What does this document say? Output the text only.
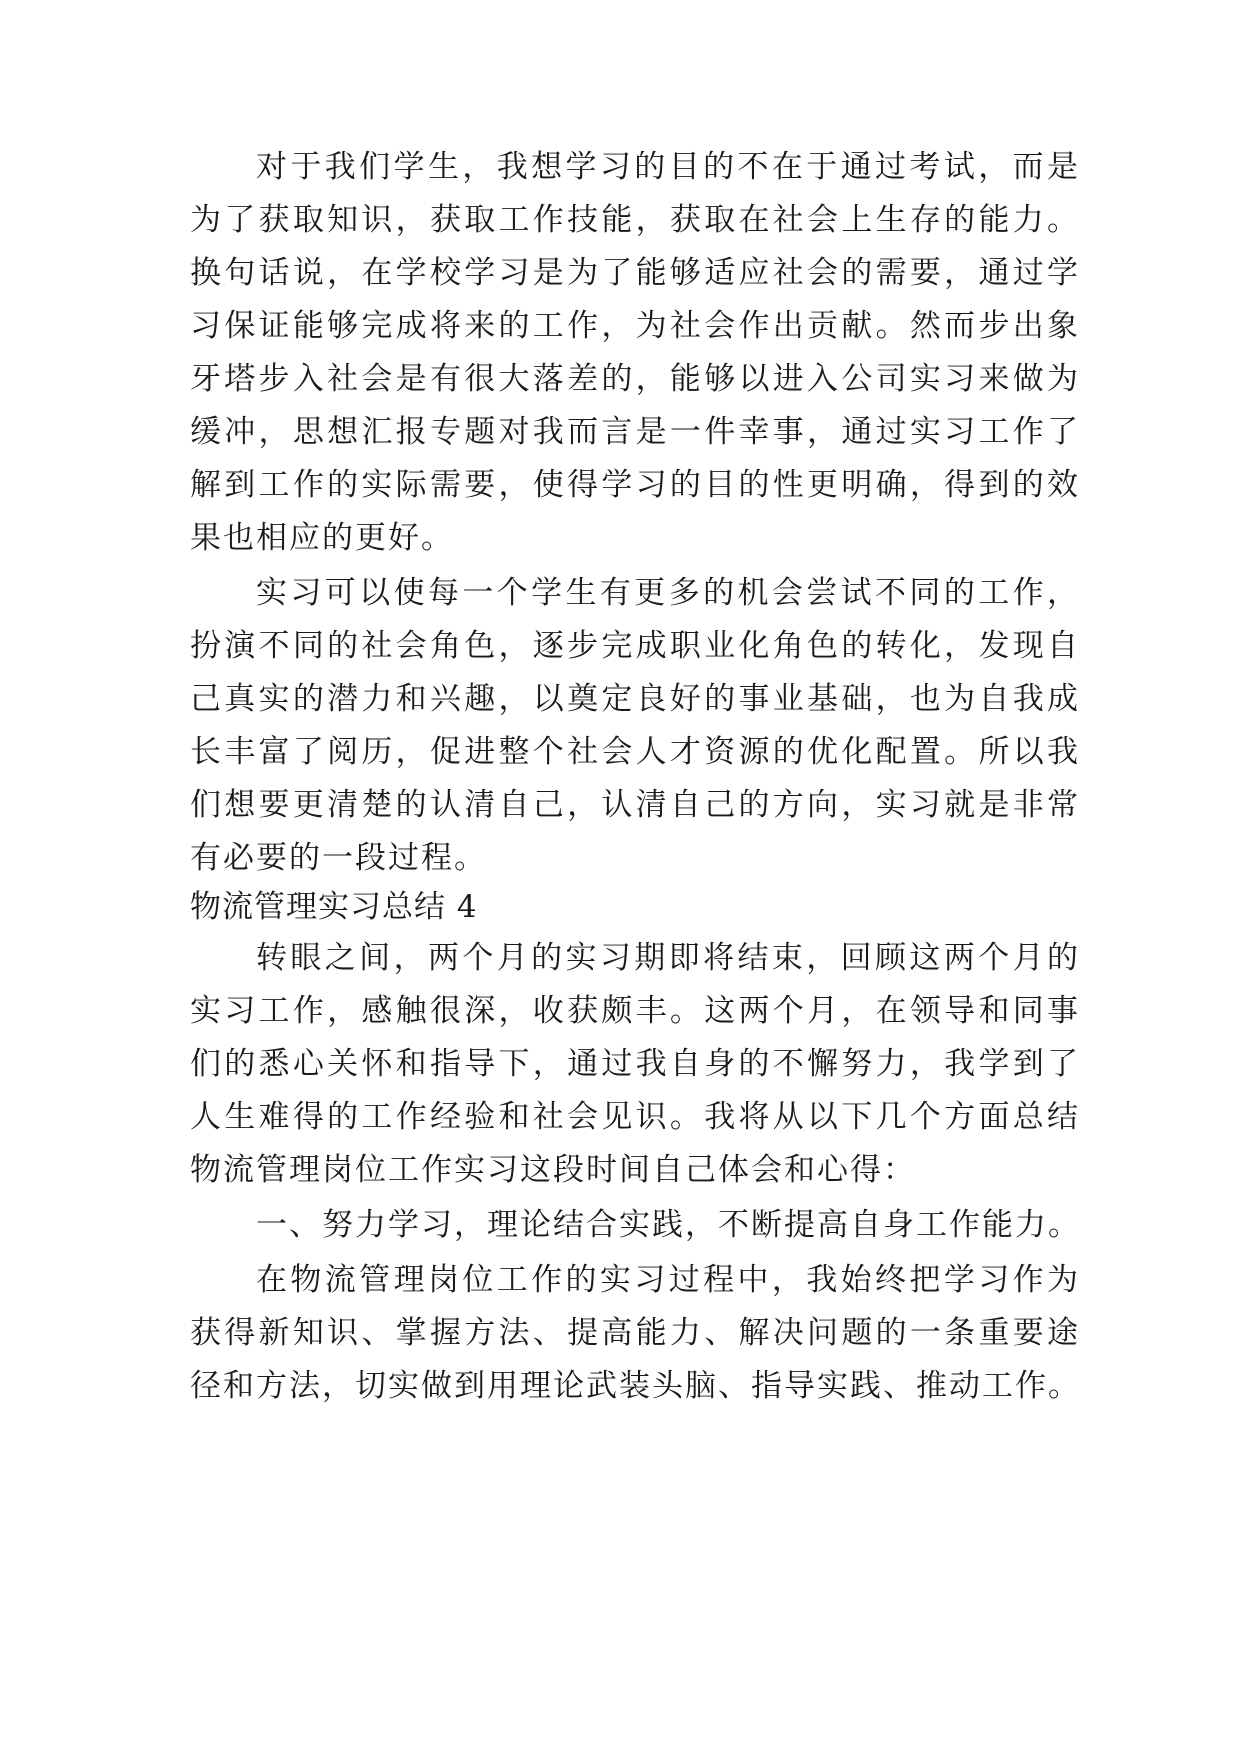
对于我们学生，我想学习的目的不在于通过考试，而是
为了获取知识，获取工作技能，获取在社会上生存的能力。
换句话说，在学校学习是为了能够适应社会的需要，通过学
习保证能够完成将来的工作，为社会作出贡献。然而步出象
牙塔步入社会是有很大落差的，能够以进入公司实习来做为
缓冲，思想汇报专题对我而言是一件幸事，通过实习工作了
解到工作的实际需要，使得学习的目的性更明确，得到的效
果也相应的更好。
实习可以使每一个学生有更多的机会尝试不同的工作，
扮演不同的社会角色，逐步完成职业化角色的转化，发现自
己真实的潜力和兴趣，以奠定良好的事业基础，也为自我成
长丰富了阅历，促进整个社会人才资源的优化配置。所以我
们想要更清楚的认清自己，认清自己的方向，实习就是非常
有必要的一段过程。
物流管理实习总结 4
转眼之间，两个月的实习期即将结束，回顾这两个月的
实习工作，感触很深，收获颇丰。这两个月，在领导和同事
们的悉心关怀和指导下，通过我自身的不懈努力，我学到了
人生难得的工作经验和社会见识。我将从以下几个方面总结
物流管理岗位工作实习这段时间自己体会和心得：
一、努力学习，理论结合实践，不断提高自身工作能力。
在物流管理岗位工作的实习过程中，我始终把学习作为
获得新知识、掌握方法、提高能力、解决问题的一条重要途
径和方法，切实做到用理论武装头脑、指导实践、推动工作。
